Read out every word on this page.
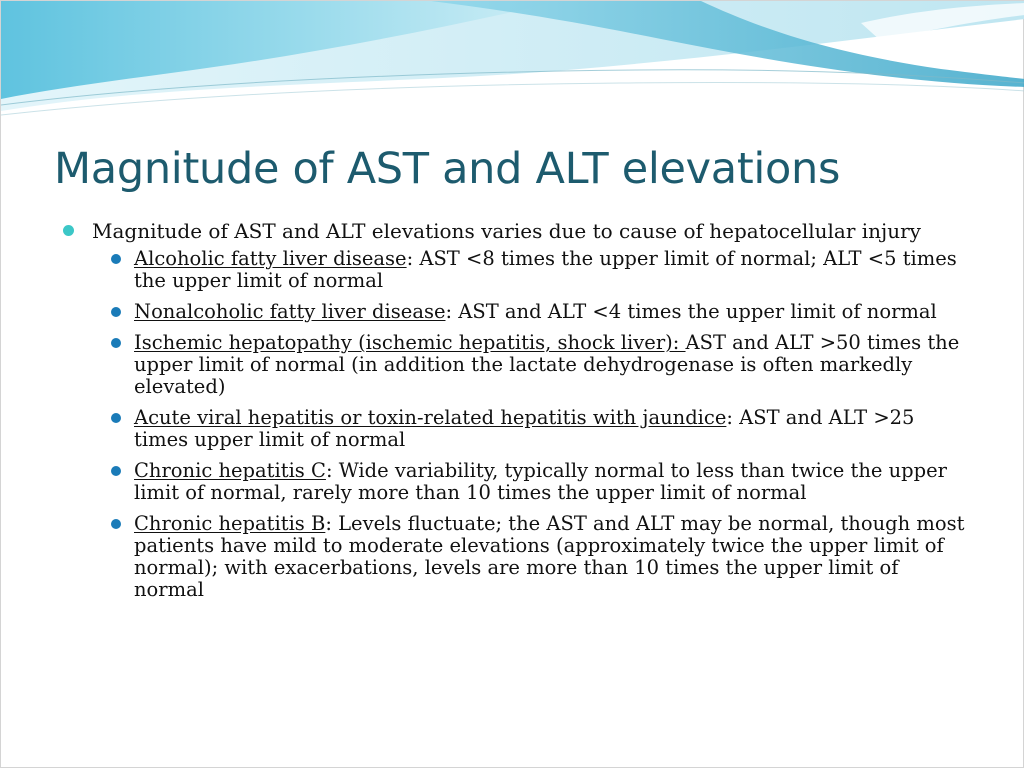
Magnitude of AST and ALT elevations
Magnitude of AST and ALT elevations varies due to cause of hepatocellular injury
Alcoholic fatty liver disease: AST <8 times the upper limit of normal; ALT <5 times the upper limit of normal
Nonalcoholic fatty liver disease: AST and ALT <4 times the upper limit of normal
Ischemic hepatopathy (ischemic hepatitis, shock liver): AST and ALT >50 times the upper limit of normal (in addition the lactate dehydrogenase is often markedly elevated)
Acute viral hepatitis or toxin-related hepatitis with jaundice: AST and ALT >25 times upper limit of normal
Chronic hepatitis C: Wide variability, typically normal to less than twice the upper limit of normal, rarely more than 10 times the upper limit of normal
Chronic hepatitis B: Levels fluctuate; the AST and ALT may be normal, though most patients have mild to moderate elevations (approximately twice the upper limit of normal); with exacerbations, levels are more than 10 times the upper limit of normal
